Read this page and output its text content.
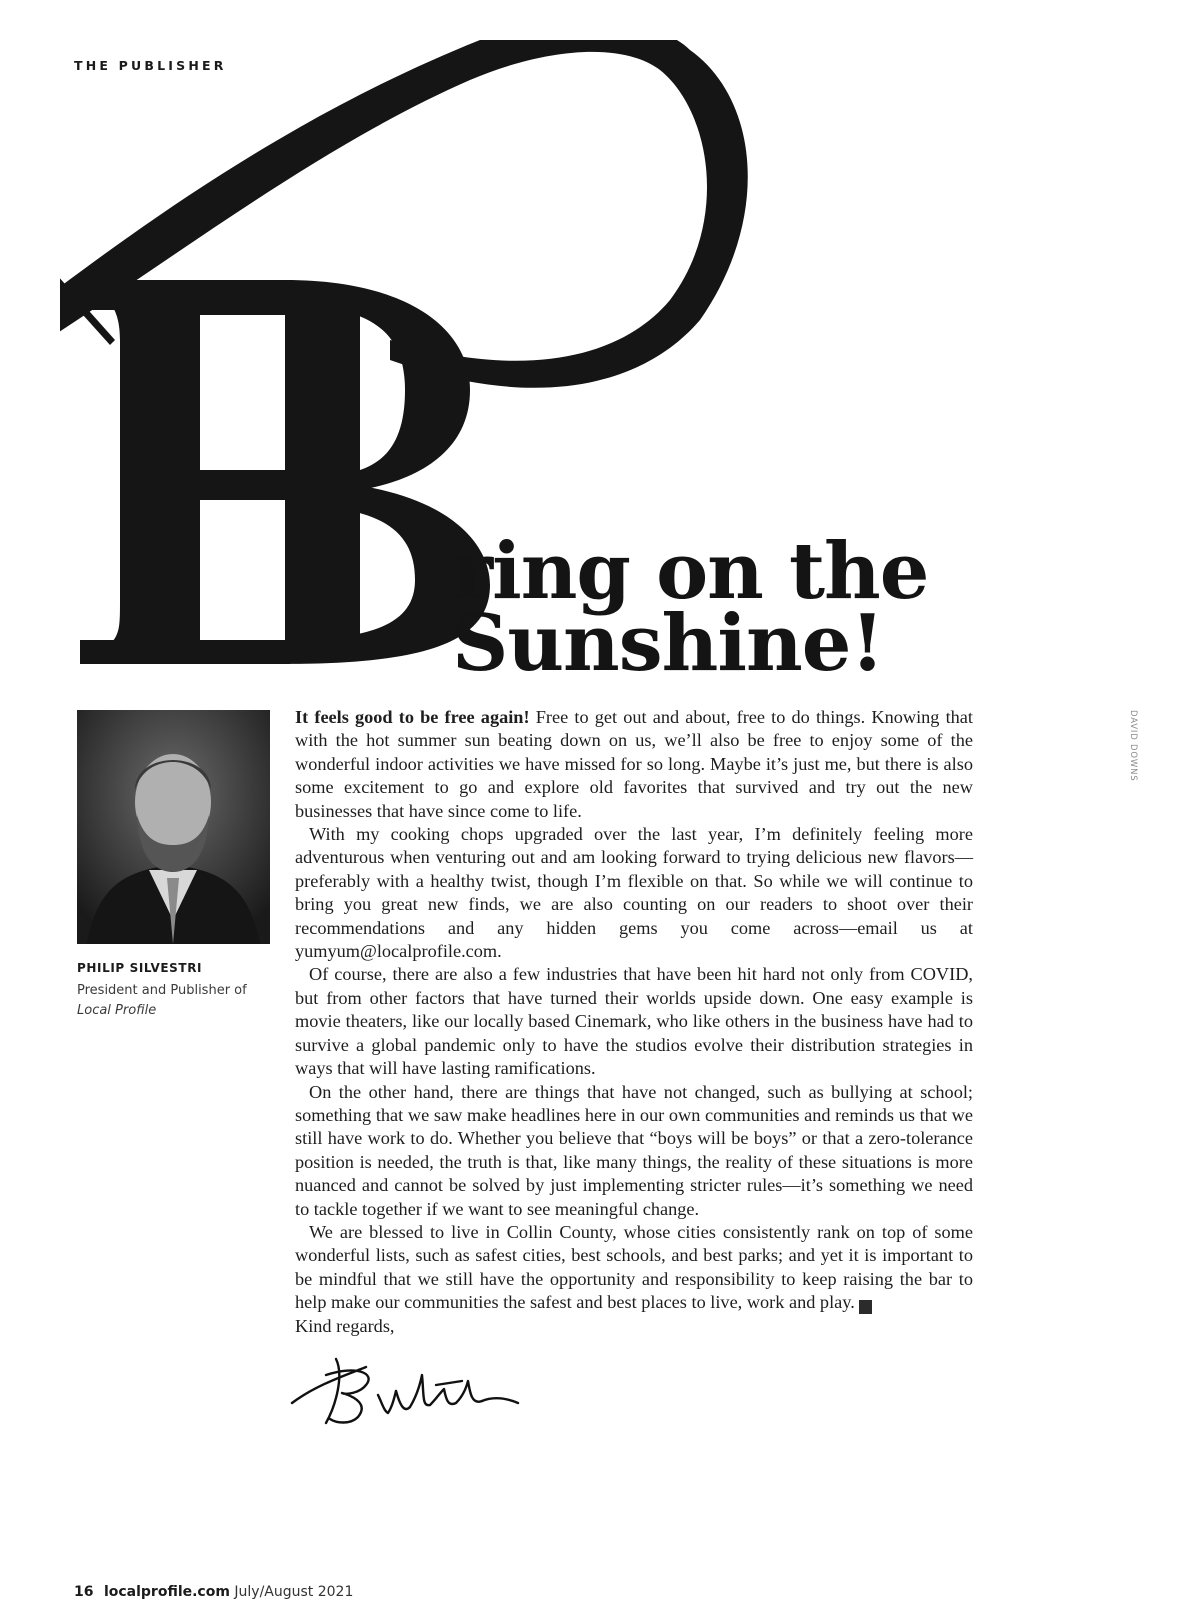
THE PUBLISHER
ring on the
Sunshine!

PHILIP SILVESTRI

President and Publisher of
Local Profile

DAVID DOWNS

It feels good to be free again! Free to get out and about, free to do things. Knowing that with the hot summer sun beating down on us, we’ll also be free to enjoy some of the wonderful indoor activities we have missed for so long. Maybe it’s just me, but there is also some excitement to go and explore old favorites that survived and try out the new businesses that have since come to life.

With my cooking chops upgraded over the last year, I’m definitely feeling more adventurous when venturing out and am looking forward to trying delicious new flavors—preferably with a healthy twist, though I’m flexible on that. So while we will continue to bring you great new finds, we are also counting on our readers to shoot over their recommendations and any hidden gems you come across—email us at yumyum@localprofile.com.

Of course, there are also a few industries that have been hit hard not only from COVID, but from other factors that have turned their worlds upside down. One easy example is movie theaters, like our locally based Cinemark, who like others in the business have had to survive a global pandemic only to have the studios evolve their distribution strategies in ways that will have lasting ramifications.

On the other hand, there are things that have not changed, such as bullying at school; something that we saw make headlines here in our own communities and reminds us that we still have work to do. Whether you believe that “boys will be boys” or that a zero-tolerance position is needed, the truth is that, like many things, the reality of these situations is more nuanced and cannot be solved by just implementing stricter rules—it’s something we need to tackle together if we want to see meaningful change.

We are blessed to live in Collin County, whose cities consistently rank on top of some wonderful lists, such as safest cities, best schools, and best parks; and yet it is important to be mindful that we still have the opportunity and responsibility to keep raising the bar to help make our communities the safest and best places to live, work and play. L

Kind regards,

16 localprofile.com July/August 2021
